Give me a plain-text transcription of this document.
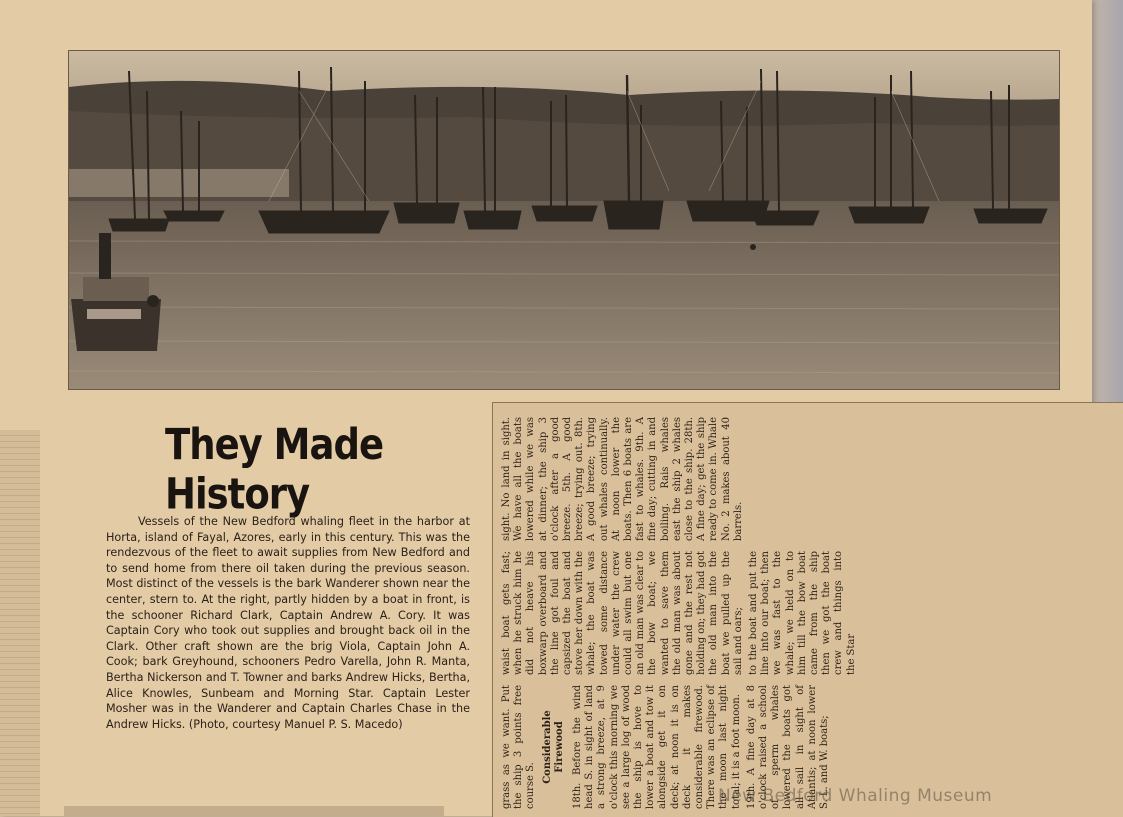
They Made History
Vessels of the New Bedford whaling fleet in the harbor at Horta, island of Fayal, Azores, early in this century. This was the rendezvous of the fleet to await supplies from New Bedford and to send home from there oil taken during the previous season. Most distinct of the vessels is the bark Wanderer shown near the center, stern to. At the right, partly hidden by a boat in front, is the schooner Richard Clark, Captain Andrew A. Cory. It was Captain Cory who took out supplies and brought back oil in the Clark. Other craft shown are the brig Viola, Captain John A. Cook; bark Greyhound, schooners Pedro Varella, John R. Manta, Bertha Nickerson and T. Towner and barks Andrew Hicks, Bertha, Alice Knowles, Sunbeam and Morning Star. Captain Lester Mosher was in the Wanderer and Captain Charles Chase in the Andrew Hicks. (Photo, courtesy Manuel P. S. Macedo)	grass as we want. Put the ship 3 points free course S.

Considerable Firewood 18th. Before the wind head S. in sight of land a strong breeze, at 9 o'clock this morning we see a large log of wood the ship is hove to lower a boat and tow it alongside get it on deck; at noon it is on deck it makes considerable firewood. There was an eclipse of the moon last night total; it is a foot moon. 19th. A fine day at 8 o'clock raised a school of sperm whales lowered the boats got all sail in sight of Atlantis; at noon lower S. L. and W. boats;

waist boat gets fast; when he struck him he did not heave his boxwarp overboard and the line got foul and capsized the boat and stove her down with the whale; the boat was towed some distance under water the crew could all swim but one an old man was clear to the bow boat; we wanted to save them the old man was about gone and the rest not holding on; they had got the old man into the boat we pulled up the sail and oars; to the boat and put the line into our boat; then we was fast to the whale; we held on to him till the bow boat came from the ship then we got the boat crew and things into the Star

sight. No land in sight. We have all the boats lowered while we was at dinner; the ship 3 o'clock after a good breeze. 5th. A good breeze; trying out. 8th. A good breeze; trying out whales continually. At noon lower the boats. Then 6 boats are fast to whales. 9th. A fine day; cutting in and boiling. Rais whales east the ship 2 whales close to the ship. 28th. A fine day; get the ship ready to come in. Whale No. 2 makes about 40 barrels.

New Bedford Whaling Museum
